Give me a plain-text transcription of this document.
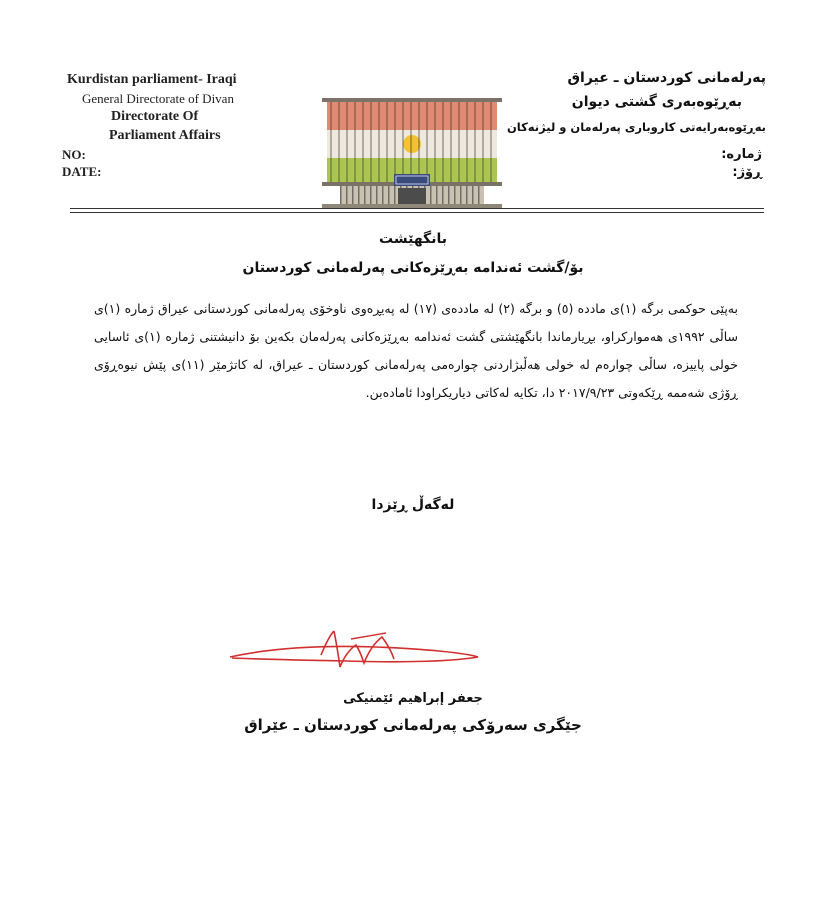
Kurdistan parliament- Iraqi
General Directorate of Divan
Directorate Of
Parliament Affairs
NO:
DATE:
پەرلەمانی کوردستان ـ عیراق
بەڕێوەبەری گشتی دیوان
بەڕێوەبەرایەتی کاروباری پەرلەمان و لیژنەکان
ژمارە:
ڕۆژ:
بانگهێشت
بۆ/گشت ئەندامە بەڕێزەکانی پەرلەمانی کوردستان
بەپێی حوکمی برگە (١)ی ماددە (٥) و برگە (٢) لە ماددەی (١٧) لە پەیڕەوی ناوخۆی پەرلەمانی کوردستانی عیراق ژمارە (١)ی ساڵی ١٩٩٢ی هەموارکراو، بڕیارماندا بانگهێشتی گشت ئەندامە بەڕێزەکانی پەرلەمان بکەین بۆ دانیشتنی ژمارە (١)ی ئاسایی خولی پاییزە، ساڵی چوارەم لە خولی هەڵبژاردنی چوارەمی پەرلەمانی کوردستان ـ عیراق، لە کاتژمێر (١١)ی پێش نیوەڕۆی ڕۆژی شەممە ڕێکەوتی ٢٠١٧/٩/٢٣ دا، تکایە لەکاتی دیاریکراودا ئامادەبن.
لەگەڵ ڕێزدا
جعفر إبراهیم ئێمنیکی
جێگری سەرۆکی پەرلەمانی کوردستان ـ عێراق
